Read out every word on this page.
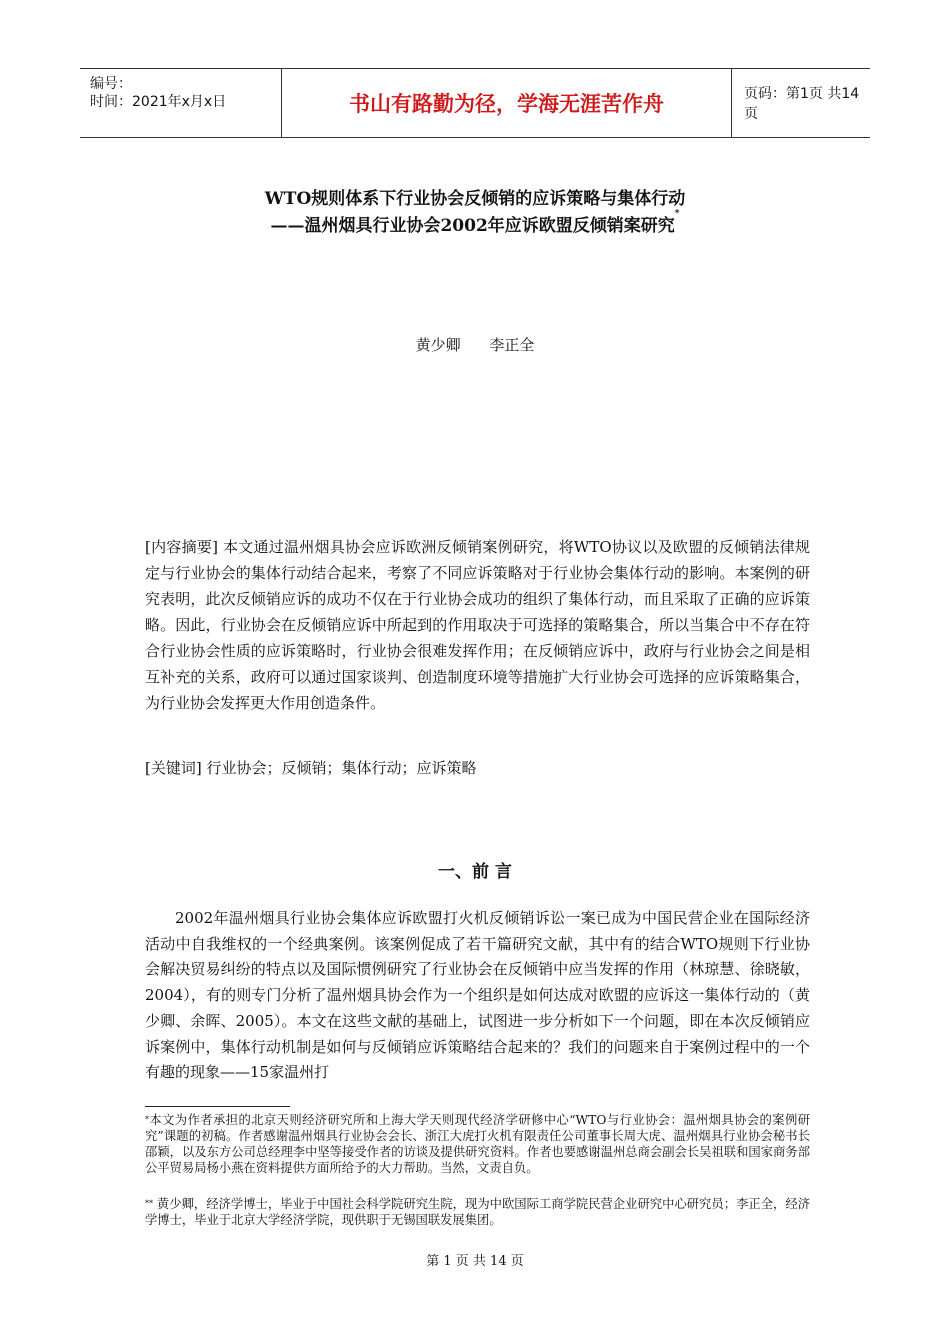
编号：
时间：2021年x月x日	书山有路勤为径，学海无涯苦作舟	页码：第1页 共14页
WTO规则体系下行业协会反倾销的应诉策略与集体行动
——温州烟具行业协会2002年应诉欧盟反倾销案研究*
黄少卿 李正全
[内容摘要] 本文通过温州烟具协会应诉欧洲反倾销案例研究，将WTO协议以及欧盟的反倾销法律规定与行业协会的集体行动结合起来，考察了不同应诉策略对于行业协会集体行动的影响。本案例的研究表明，此次反倾销应诉的成功不仅在于行业协会成功的组织了集体行动，而且采取了正确的应诉策略。因此，行业协会在反倾销应诉中所起到的作用取决于可选择的策略集合，所以当集合中不存在符合行业协会性质的应诉策略时，行业协会很难发挥作用；在反倾销应诉中，政府与行业协会之间是相互补充的关系，政府可以通过国家谈判、创造制度环境等措施扩大行业协会可选择的应诉策略集合，为行业协会发挥更大作用创造条件。
[关键词] 行业协会；反倾销；集体行动；应诉策略
一、前 言
2002年温州烟具行业协会集体应诉欧盟打火机反倾销诉讼一案已成为中国民营企业在国际经济活动中自我维权的一个经典案例。该案例促成了若干篇研究文献，其中有的结合WTO规则下行业协会解决贸易纠纷的特点以及国际惯例研究了行业协会在反倾销中应当发挥的作用（林琼慧、徐晓敏，2004），有的则专门分析了温州烟具协会作为一个组织是如何达成对欧盟的应诉这一集体行动的（黄少卿、余晖、2005）。本文在这些文献的基础上，试图进一步分析如下一个问题，即在本次反倾销应诉案例中，集体行动机制是如何与反倾销应诉策略结合起来的？我们的问题来自于案例过程中的一个有趣的现象——15家温州打
*本文为作者承担的北京天则经济研究所和上海大学天则现代经济学研修中心“WTO与行业协会：温州烟具协会的案例研究”课题的初稿。作者感谢温州烟具行业协会会长、浙江大虎打火机有限责任公司董事长周大虎、温州烟具行业协会秘书长邵颖，以及东方公司总经理李中坚等接受作者的访谈及提供研究资料。作者也要感谢温州总商会副会长吴祖联和国家商务部公平贸易局杨小燕在资料提供方面所给予的大力帮助。当然，文责自负。
** 黄少卿，经济学博士，毕业于中国社会科学院研究生院，现为中欧国际工商学院民营企业研究中心研究员；李正全，经济学博士，毕业于北京大学经济学院，现供职于无锡国联发展集团。
第 1 页 共 14 页
